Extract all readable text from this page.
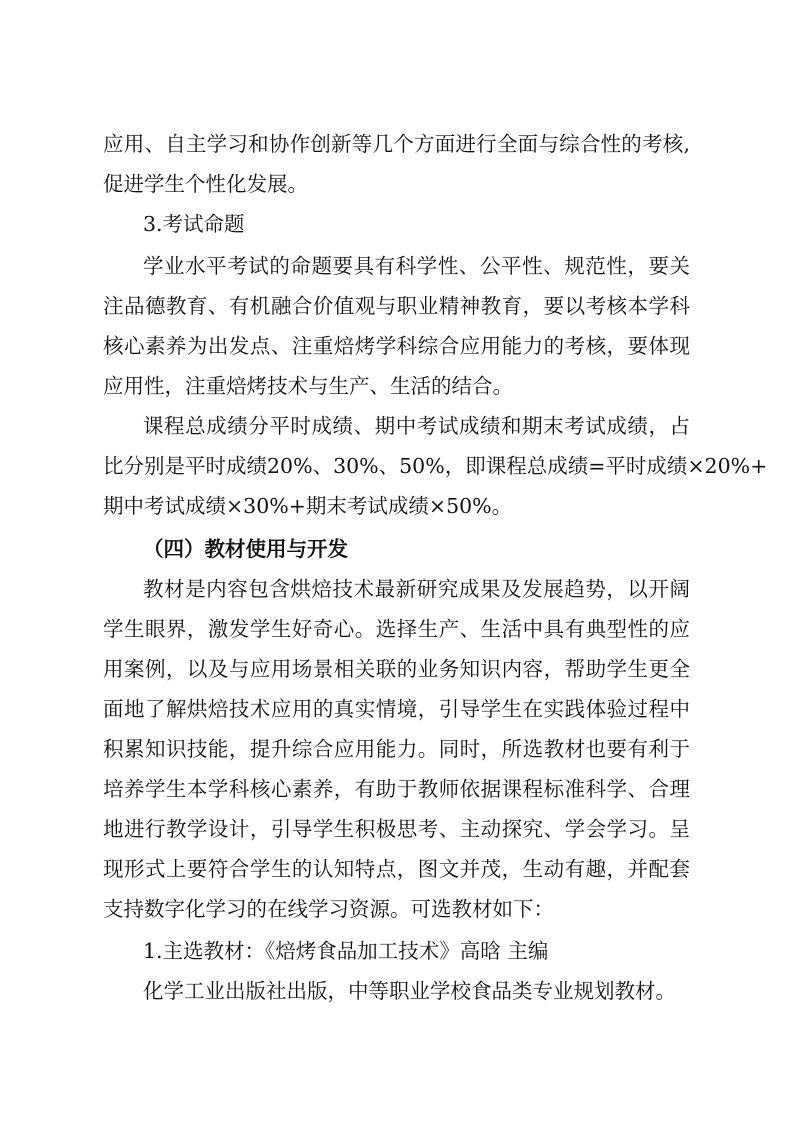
应用、自主学习和协作创新等几个方面进行全面与综合性的考核,
促进学生个性化发展。
3.考试命题
学业水平考试的命题要具有科学性、公平性、规范性，要关
注品德教育、有机融合价值观与职业精神教育，要以考核本学科
核心素养为出发点、注重焙烤学科综合应用能力的考核，要体现
应用性，注重焙烤技术与生产、生活的结合。
课程总成绩分平时成绩、期中考试成绩和期末考试成绩，占
比分别是平时成绩20%、30%、50%，即课程总成绩=平时成绩×20%+
期中考试成绩×30%+期末考试成绩×50%。
（四）教材使用与开发
教材是内容包含烘焙技术最新研究成果及发展趋势，以开阔
学生眼界，激发学生好奇心。选择生产、生活中具有典型性的应
用案例，以及与应用场景相关联的业务知识内容，帮助学生更全
面地了解烘焙技术应用的真实情境，引导学生在实践体验过程中
积累知识技能，提升综合应用能力。同时，所选教材也要有利于
培养学生本学科核心素养，有助于教师依据课程标准科学、合理
地进行教学设计，引导学生积极思考、主动探究、学会学习。呈
现形式上要符合学生的认知特点，图文并茂，生动有趣，并配套
支持数字化学习的在线学习资源。可选教材如下：
1.主选教材：《焙烤食品加工技术》高晗 主编
化学工业出版社出版，中等职业学校食品类专业规划教材。
